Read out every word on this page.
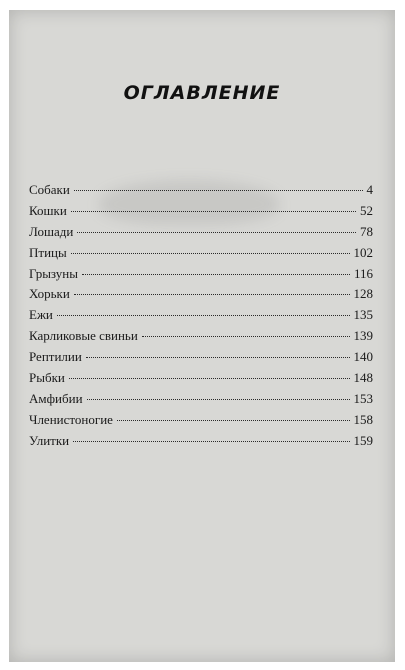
ОГЛАВЛЕНИЕ
Собаки	4
Кошки	52
Лошади	78
Птицы	102
Грызуны	116
Хорьки	128
Ежи	135
Карликовые свиньи	139
Рептилии	140
Рыбки	148
Амфибии	153
Членистоногие	158
Улитки	159
